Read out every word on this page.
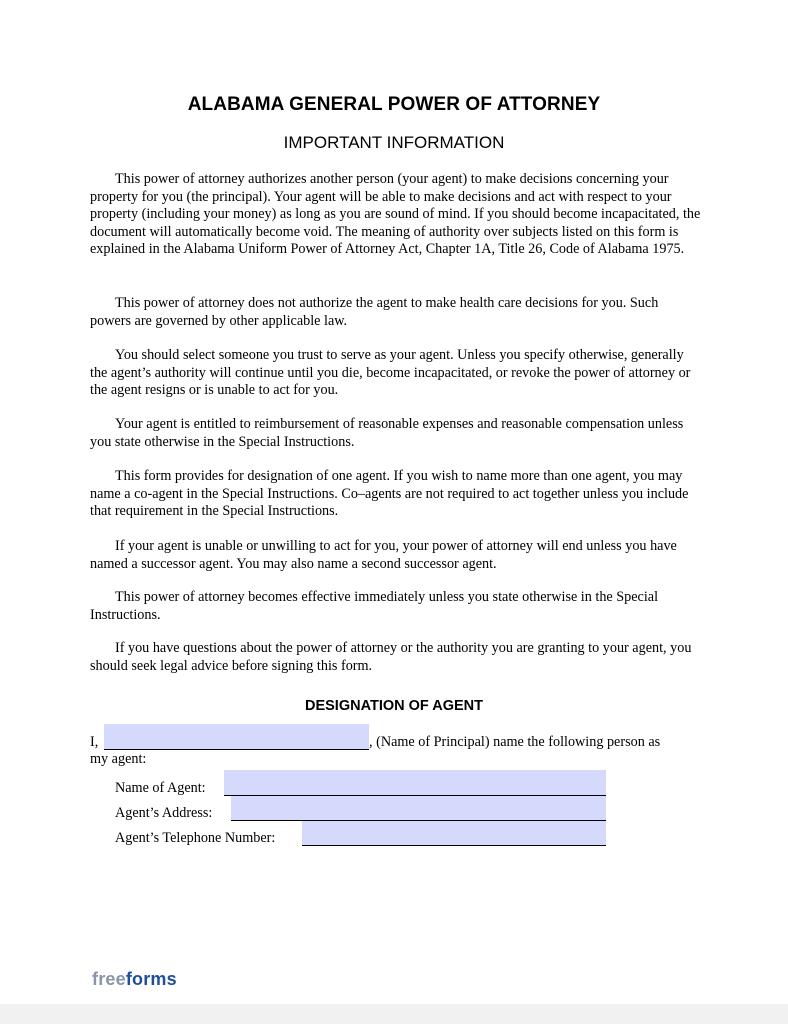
ALABAMA GENERAL POWER OF ATTORNEY
IMPORTANT INFORMATION

This power of attorney authorizes another person (your agent) to make decisions concerning your property for you (the principal). Your agent will be able to make decisions and act with respect to your property (including your money) as long as you are sound of mind. If you should become incapacitated, the document will automatically become void. The meaning of authority over subjects listed on this form is explained in the Alabama Uniform Power of Attorney Act, Chapter 1A, Title 26, Code of Alabama 1975.

This power of attorney does not authorize the agent to make health care decisions for you. Such powers are governed by other applicable law.

You should select someone you trust to serve as your agent. Unless you specify otherwise, generally the agent’s authority will continue until you die, become incapacitated, or revoke the power of attorney or the agent resigns or is unable to act for you.

Your agent is entitled to reimbursement of reasonable expenses and reasonable compensation unless you state otherwise in the Special Instructions.

This form provides for designation of one agent. If you wish to name more than one agent, you may name a co-agent in the Special Instructions. Co–agents are not required to act together unless you include that requirement in the Special Instructions.

If your agent is unable or unwilling to act for you, your power of attorney will end unless you have named a successor agent. You may also name a second successor agent.

This power of attorney becomes effective immediately unless you state otherwise in the Special Instructions.

If you have questions about the power of attorney or the authority you are granting to your agent, you should seek legal advice before signing this form.

DESIGNATION OF AGENT
I,	, (Name of Principal) name the following person as
my agent:
Name of Agent:
Agent’s Address:
Agent’s Telephone Number:
freeforms
